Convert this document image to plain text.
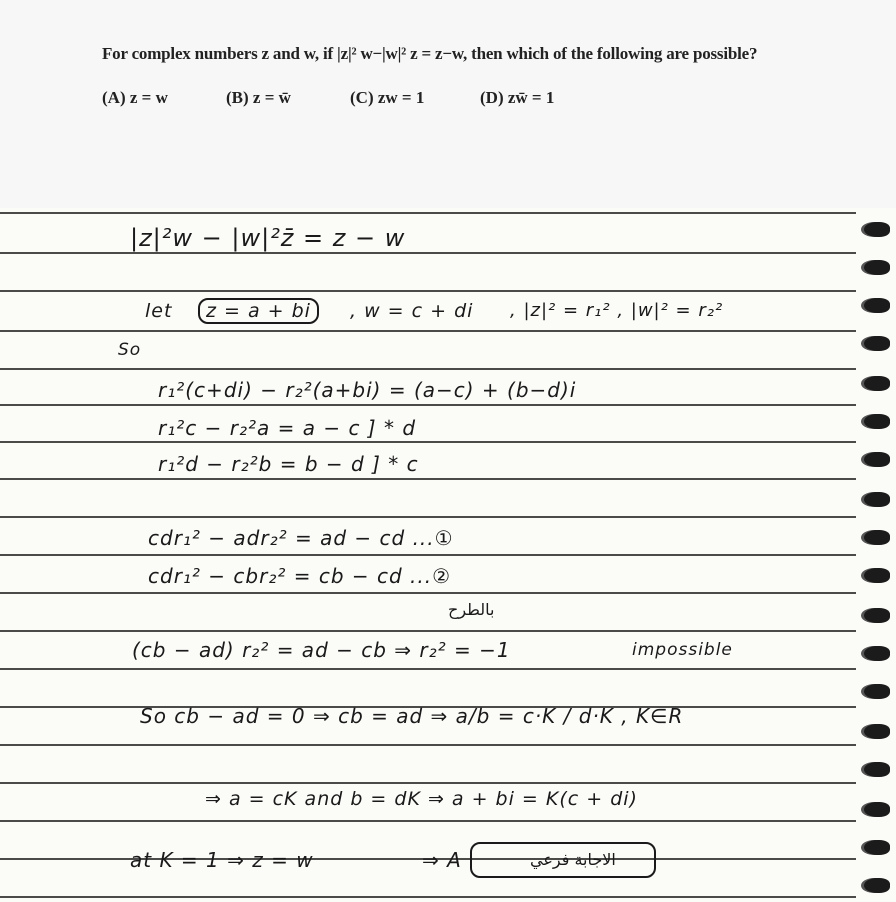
For complex numbers z and w, if |z|² w−|w|² z = z−w, then which of the following are possible?
(A) z = w	(B) z = w̄	(C) zw = 1	(D) zw̄ = 1
|z|²w − |w|²z̄ = z − w
let	z = a + bi	, w = c + di , |z|² = r₁² , |w|² = r₂²
So
r₁²(c+di) − r₂²(a+bi) = (a−c) + (b−d)i
r₁²c − r₂²a = a − c ] * d
r₁²d − r₂²b = b − d ] * c
cdr₁² − adr₂² = ad − cd ...①
cdr₁² − cbr₂² = cb − cd ...②
بالطرح
(cb − ad) r₂² = ad − cb ⇒ r₂² = −1	impossible
So cb − ad = 0 ⇒ cb = ad ⇒ a/b = c·K / d·K , K∈R
⇒ a = cK and b = dK ⇒ a + bi = K(c + di)
at K = 1 ⇒ z = w	⇒ A	الاجابة فرعي
